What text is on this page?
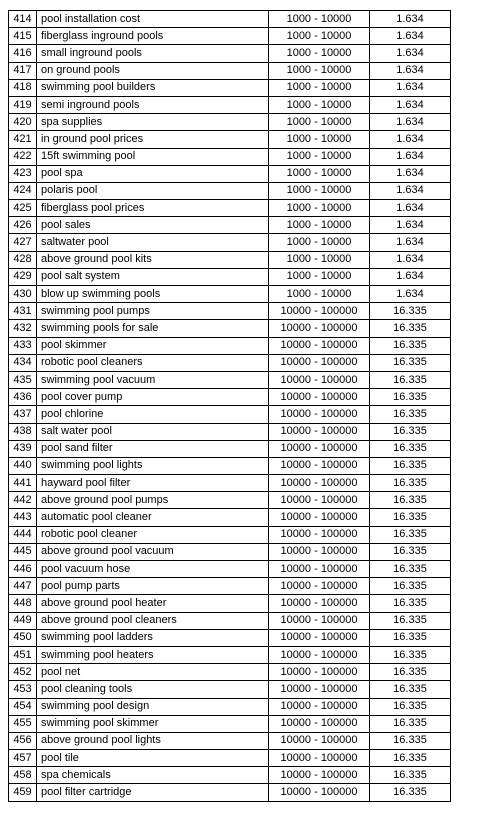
414	pool installation cost	1000 - 10000	1.634
415	fiberglass inground pools	1000 - 10000	1.634
416	small inground pools	1000 - 10000	1.634
417	on ground pools	1000 - 10000	1.634
418	swimming pool builders	1000 - 10000	1.634
419	semi inground pools	1000 - 10000	1.634
420	spa supplies	1000 - 10000	1.634
421	in ground pool prices	1000 - 10000	1.634
422	15ft swimming pool	1000 - 10000	1.634
423	pool spa	1000 - 10000	1.634
424	polaris pool	1000 - 10000	1.634
425	fiberglass pool prices	1000 - 10000	1.634
426	pool sales	1000 - 10000	1.634
427	saltwater pool	1000 - 10000	1.634
428	above ground pool kits	1000 - 10000	1.634
429	pool salt system	1000 - 10000	1.634
430	blow up swimming pools	1000 - 10000	1.634
431	swimming pool pumps	10000 - 100000	16.335
432	swimming pools for sale	10000 - 100000	16.335
433	pool skimmer	10000 - 100000	16.335
434	robotic pool cleaners	10000 - 100000	16.335
435	swimming pool vacuum	10000 - 100000	16.335
436	pool cover pump	10000 - 100000	16.335
437	pool chlorine	10000 - 100000	16.335
438	salt water pool	10000 - 100000	16.335
439	pool sand filter	10000 - 100000	16.335
440	swimming pool lights	10000 - 100000	16.335
441	hayward pool filter	10000 - 100000	16.335
442	above ground pool pumps	10000 - 100000	16.335
443	automatic pool cleaner	10000 - 100000	16.335
444	robotic pool cleaner	10000 - 100000	16.335
445	above ground pool vacuum	10000 - 100000	16.335
446	pool vacuum hose	10000 - 100000	16.335
447	pool pump parts	10000 - 100000	16.335
448	above ground pool heater	10000 - 100000	16.335
449	above ground pool cleaners	10000 - 100000	16.335
450	swimming pool ladders	10000 - 100000	16.335
451	swimming pool heaters	10000 - 100000	16.335
452	pool net	10000 - 100000	16.335
453	pool cleaning tools	10000 - 100000	16.335
454	swimming pool design	10000 - 100000	16.335
455	swimming pool skimmer	10000 - 100000	16.335
456	above ground pool lights	10000 - 100000	16.335
457	pool tile	10000 - 100000	16.335
458	spa chemicals	10000 - 100000	16.335
459	pool filter cartridge	10000 - 100000	16.335
